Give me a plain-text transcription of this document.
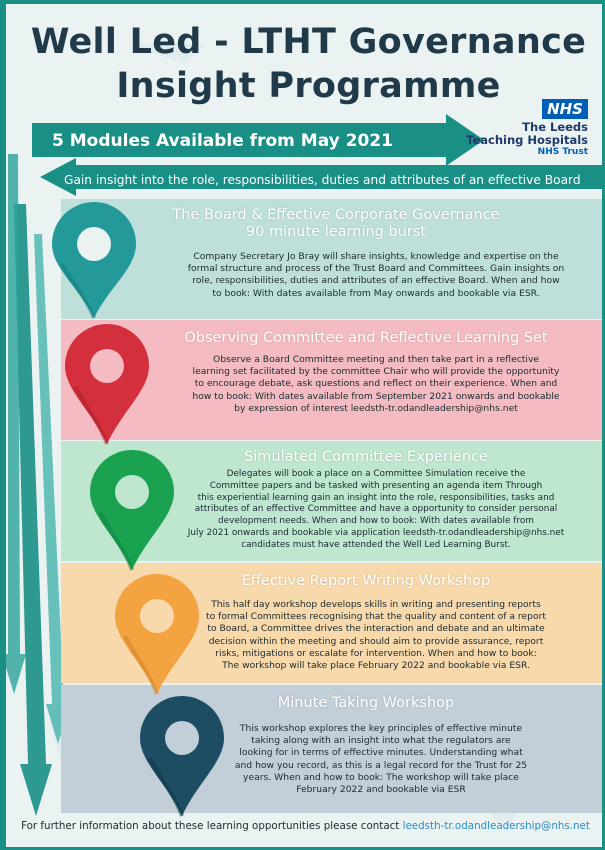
Well Led - LTHT Governance
Insight Programme
NHS
The Leeds
Teaching Hospitals
NHS Trust
5 Modules Available from May 2021
Gain insight into the role, responsibilities, duties and attributes of an effective Board
The Board & Effective Corporate Governance
90 minute learning burst
Company Secretary Jo Bray will share insights, knowledge and expertise on the
formal structure and process of the Trust Board and Committees. Gain insights on
role, responsibilities, duties and attributes of an effective Board. When and how
to book: With dates available from May onwards and bookable via ESR.
Observing Committee and Reflective Learning Set
Observe a Board Committee meeting and then take part in a reflective
learning set facilitated by the committee Chair who will provide the opportunity
to encourage debate, ask questions and reflect on their experience. When and
how to book: With dates available from September 2021 onwards and bookable
by expression of interest leedsth-tr.odandleadership@nhs.net
Simulated Committee Experience
Delegates will book a place on a Committee Simulation receive the
Committee papers and be tasked with presenting an agenda item Through
this experiential learning gain an insight into the role, responsibilities, tasks and
attributes of an effective Committee and have a opportunity to consider personal
development needs. When and how to book: With dates available from
July 2021 onwards and bookable via application leedsth-tr.odandleadership@nhs.net
candidates must have attended the Well Led Learning Burst.
Effective Report Writing Workshop
This half day workshop develops skills in writing and presenting reports
to formal Committees recognising that the quality and content of a report
to Board, a Committee drives the interaction and debate and an ultimate
decision within the meeting and should aim to provide assurance, report
risks, mitigations or escalate for intervention. When and how to book:
The workshop will take place February 2022 and bookable via ESR.
Minute Taking Workshop
This workshop explores the key principles of effective minute
taking along with an insight into what the regulators are
looking for in terms of effective minutes. Understanding what
and how you record, as this is a legal record for the Trust for 25
years. When and how to book: The workshop will take place
February 2022 and bookable via ESR
For further information about these learning opportunities please contact leedsth-tr.odandleadership@nhs.net
